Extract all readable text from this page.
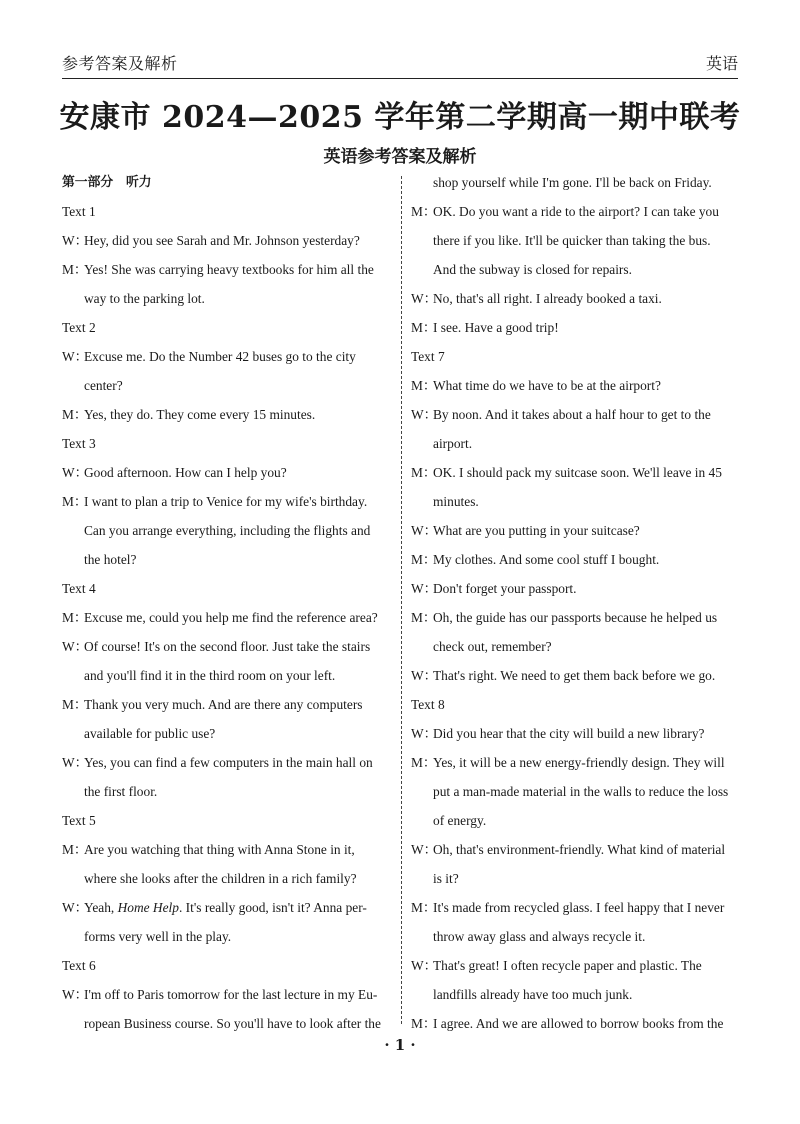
参考答案及解析	英语
安康市 2024—2025 学年第二学期高一期中联考
英语参考答案及解析
第一部分　听力
Text 1
W：
Hey, did you see Sarah and Mr. Johnson yesterday?
M：
Yes! She was carrying heavy textbooks for him all the
way to the parking lot.
Text 2
W：
Excuse me. Do the Number 42 buses go to the city
center?
M：
Yes, they do. They come every 15 minutes.
Text 3
W：
Good afternoon. How can I help you?
M：
I want to plan a trip to Venice for my wife's birthday.
Can you arrange everything, including the flights and
the hotel?
Text 4
M：
Excuse me, could you help me find the reference area?
W：
Of course! It's on the second floor. Just take the stairs
and you'll find it in the third room on your left.
M：
Thank you very much. And are there any computers
available for public use?
W：
Yes, you can find a few computers in the main hall on
the first floor.
Text 5
M：
Are you watching that thing with Anna Stone in it,
where she looks after the children in a rich family?
W：
Yeah, Home Help. It's really good, isn't it? Anna per-
forms very well in the play.
Text 6
W：
I'm off to Paris tomorrow for the last lecture in my Eu-
ropean Business course. So you'll have to look after the
shop yourself while I'm gone. I'll be back on Friday.
M：
OK. Do you want a ride to the airport? I can take you
there if you like. It'll be quicker than taking the bus.
And the subway is closed for repairs.
W：
No, that's all right. I already booked a taxi.
M：
I see. Have a good trip!
Text 7
M：
What time do we have to be at the airport?
W：
By noon. And it takes about a half hour to get to the
airport.
M：
OK. I should pack my suitcase soon. We'll leave in 45
minutes.
W：
What are you putting in your suitcase?
M：
My clothes. And some cool stuff I bought.
W：
Don't forget your passport.
M：
Oh, the guide has our passports because he helped us
check out, remember?
W：
That's right. We need to get them back before we go.
Text 8
W：
Did you hear that the city will build a new library?
M：
Yes, it will be a new energy-friendly design. They will
put a man-made material in the walls to reduce the loss
of energy.
W：
Oh, that's environment-friendly. What kind of material
is it?
M：
It's made from recycled glass. I feel happy that I never
throw away glass and always recycle it.
W：
That's great! I often recycle paper and plastic. The
landfills already have too much junk.
M：
I agree. And we are allowed to borrow books from the
· 1 ·
